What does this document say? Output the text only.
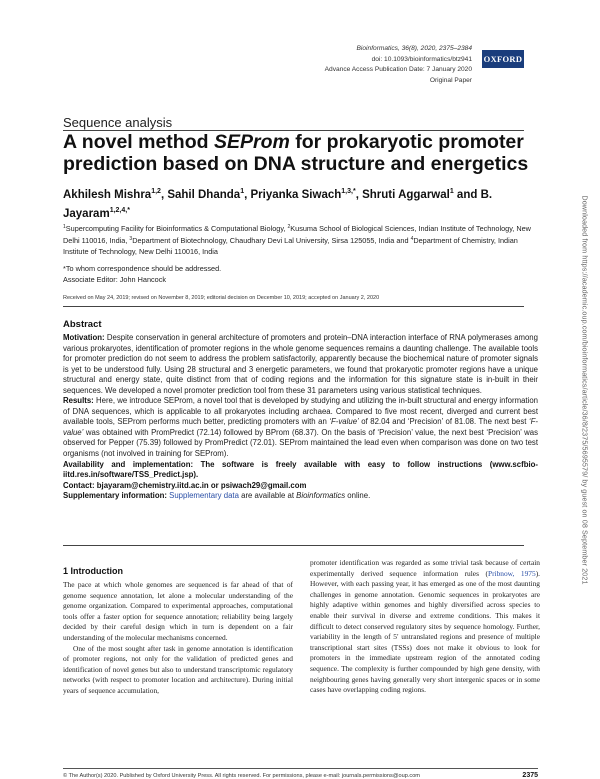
Bioinformatics, 36(8), 2020, 2375–2384
doi: 10.1093/bioinformatics/btz941
Advance Access Publication Date: 7 January 2020
Original Paper
OXFORD
Sequence analysis
A novel method SEProm for prokaryotic promoter prediction based on DNA structure and energetics
Akhilesh Mishra$^{1,2}$, Sahil Dhanda$^1$, Priyanka Siwach$^{1,3,*}$, Shruti Aggarwal$^1$ and B. Jayaram$^{1,2,4,*}$
$^1$Supercomputing Facility for Bioinformatics & Computational Biology, $^2$Kusuma School of Biological Sciences, Indian Institute of Technology, New Delhi 110016, India, $^3$Department of Biotechnology, Chaudhary Devi Lal University, Sirsa 125055, India and $^4$Department of Chemistry, Indian Institute of Technology, New Delhi 110016, India
*To whom correspondence should be addressed.
Associate Editor: John Hancock
Received on May 24, 2019; revised on November 8, 2019; editorial decision on December 10, 2019; accepted on January 2, 2020
Abstract

Motivation: Despite conservation in general architecture of promoters and protein–DNA interaction interface of RNA polymerases among various prokaryotes, identification of promoter regions in the whole genome sequences remains a daunting challenge. The available tools for promoter prediction do not seem to address the problem satisfactorily, apparently because the biochemical nature of promoter signals is yet to be understood fully. Using 28 structural and 3 energetic parameters, we found that prokaryotic promoter regions have a unique structural and energy state, quite distinct from that of coding regions and the information for this signature state is in-built in their sequences. We developed a novel promoter prediction tool from these 31 parameters using various statistical techniques.

Results: Here, we introduce SEProm, a novel tool that is developed by studying and utilizing the in-built structural and energy information of DNA sequences, which is applicable to all prokaryotes including archaea. Compared to five most recent, diverged and current best available tools, SEProm performs much better, predicting promoters with an ‘F-value’ of 82.04 and ‘Precision’ of 81.08. The next best ‘F-value’ was obtained with PromPredict (72.14) followed by BProm (68.37). On the basis of ‘Precision’ value, the next best ‘Precision’ was observed for Pepper (75.39) followed by PromPredict (72.01). SEProm maintained the lead even when comparison was done on two test organisms (not involved in training for SEProm).

Availability and implementation: The software is freely available with easy to follow instructions (www.scfbio-iitd.res.in/software/TSS_Predict.jsp).

Contact: bjayaram@chemistry.iitd.ac.in or psiwach29@gmail.com

Supplementary information: Supplementary data are available at Bioinformatics online.

1 Introduction

The pace at which whole genomes are sequenced is far ahead of that of genome sequence annotation, let alone a molecular understanding of the genome organization. Compared to experimental approaches, computational tools offer a faster option for sequence annotation; reliability being largely decided by their careful design which in turn is dependent on a fair understanding of the molecular mechanisms concerned.

One of the most sought after task in genome annotation is identification of promoter regions, not only for the validation of predicted genes and identification of novel genes but also to understand transcriptomic regulatory networks (with respect to promoter location and architecture). During initial years of sequence accumulation,

promoter identification was regarded as some trivial task because of certain experimentally derived sequence information rules (Pribnow, 1975). However, with each passing year, it has emerged as one of the most daunting challenges in genome annotation. Genomic sequences in prokaryotes are highly adaptive within genomes and highly diversified across species to enable their survival in diverse and extreme conditions. This makes it difficult to detect conserved regulatory sites by sequence homology. Further, variability in the length of 5′ untranslated regions and presence of multiple transcriptional start sites (TSSs) does not make it obvious to look for promoters in the immediate upstream region of the annotated coding sequence. The complexity is further compounded by high gene density, with neighbouring genes having generally very short intergenic spaces or in some cases have overlapping coding regions.

Downloaded from https://academic.oup.com/bioinformatics/article/36/8/2375/5695579/ by guest on 08 September 2021
© The Author(s) 2020. Published by Oxford University Press. All rights reserved. For permissions, please e-mail: journals.permissions@oup.com	2375
